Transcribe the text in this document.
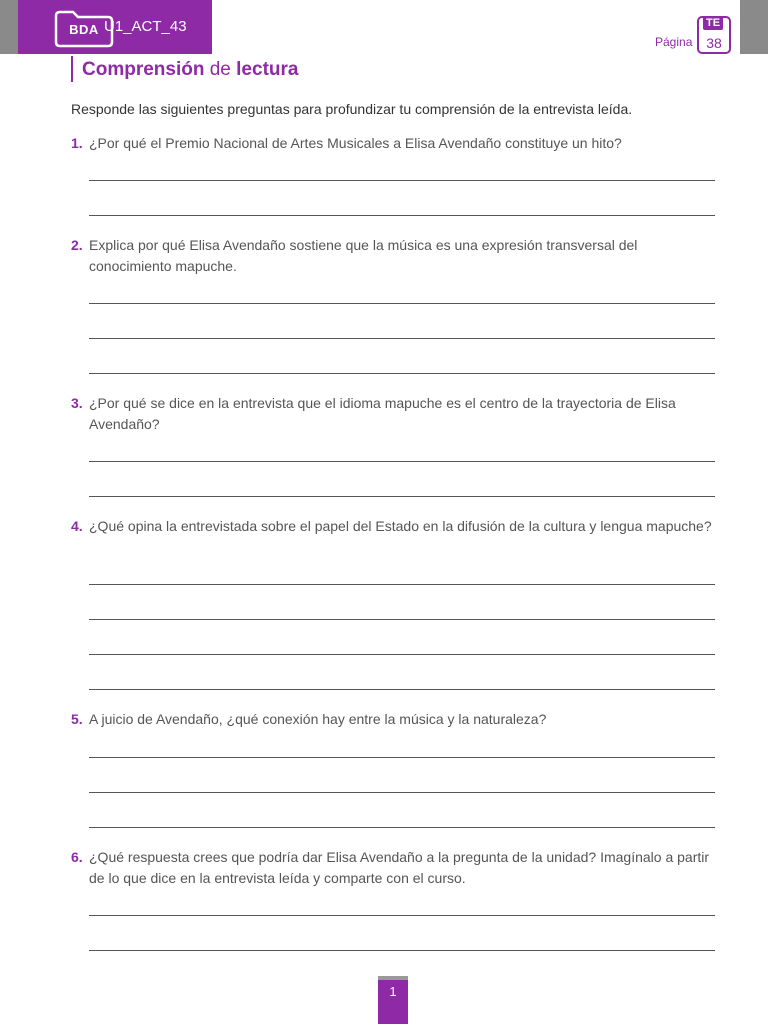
BDA U1_ACT_43
Página
TE
38
Comprensión de lectura
Responde las siguientes preguntas para profundizar tu comprensión de la entrevista leída.
1. ¿Por qué el Premio Nacional de Artes Musicales a Elisa Avendaño constituye un hito?
2. Explica por qué Elisa Avendaño sostiene que la música es una expresión transversal del conocimiento mapuche.
3. ¿Por qué se dice en la entrevista que el idioma mapuche es el centro de la trayectoria de Elisa Avendaño?
4. ¿Qué opina la entrevistada sobre el papel del Estado en la difusión de la cultura y lengua mapuche?
5. A juicio de Avendaño, ¿qué conexión hay entre la música y la naturaleza?
6. ¿Qué respuesta crees que podría dar Elisa Avendaño a la pregunta de la unidad? Imagínalo a partir de lo que dice en la entrevista leída y comparte con el curso.
1
